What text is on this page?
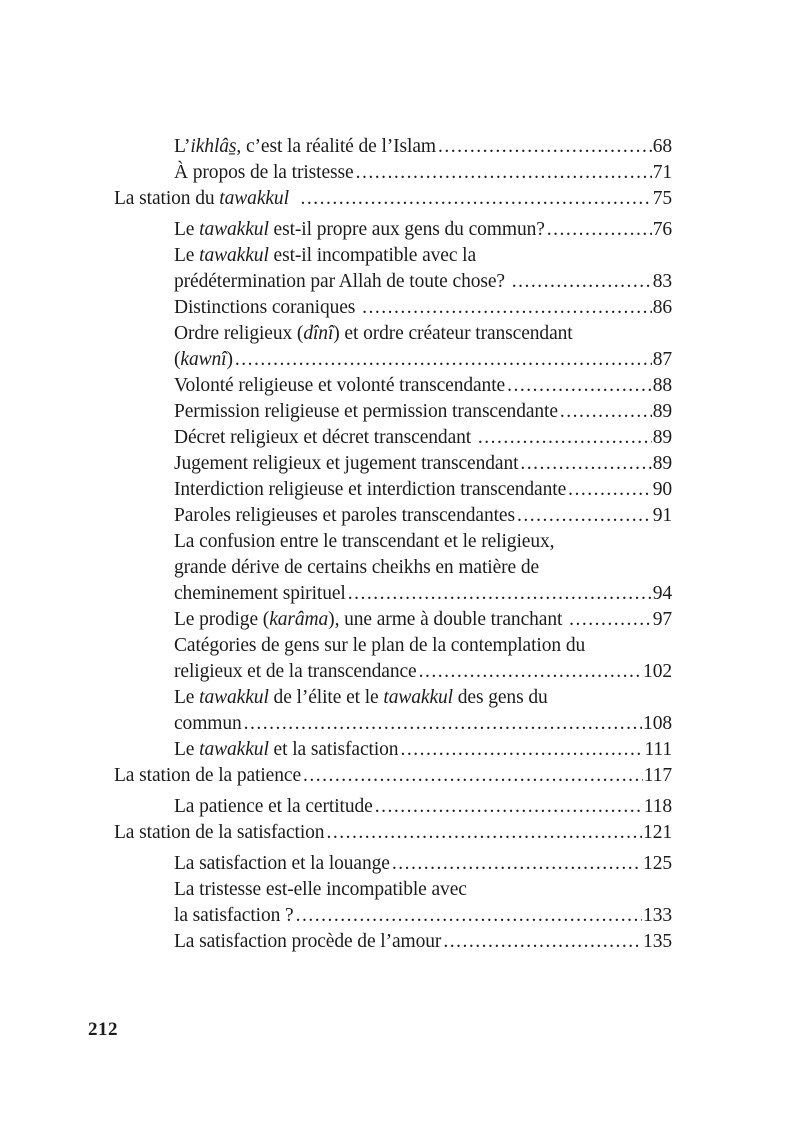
L’ikhlâs̱, c’est la réalité de l’Islam .....	68
À propos de la tristesse .....	71
La station du tawakkul .....	75
Le tawakkul est-il propre aux gens du commun? .....	76
Le tawakkul est-il incompatible avec la
prédétermination par Allah de toute chose? .....	83
Distinctions coraniques .....	86
Ordre religieux (dînî) et ordre créateur transcendant
(kawnî) .....	87
Volonté religieuse et volonté transcendante .....	88
Permission religieuse et permission transcendante .....	89
Décret religieux et décret transcendant .....	89
Jugement religieux et jugement transcendant .....	89
Interdiction religieuse et interdiction transcendante .....	90
Paroles religieuses et paroles transcendantes .....	91
La confusion entre le transcendant et le religieux,
grande dérive de certains cheikhs en matière de
cheminement spirituel .....	94
Le prodige (karâma), une arme à double tranchant .....	97
Catégories de gens sur le plan de la contemplation du
religieux et de la transcendance .....	102
Le tawakkul de l’élite et le tawakkul des gens du
commun .....	108
Le tawakkul et la satisfaction .....	111
La station de la patience .....	117
La patience et la certitude .....	118
La station de la satisfaction .....	121
La satisfaction et la louange .....	125
La tristesse est-elle incompatible avec
la satisfaction ? .....	133
La satisfaction procède de l’amour .....	135
212
